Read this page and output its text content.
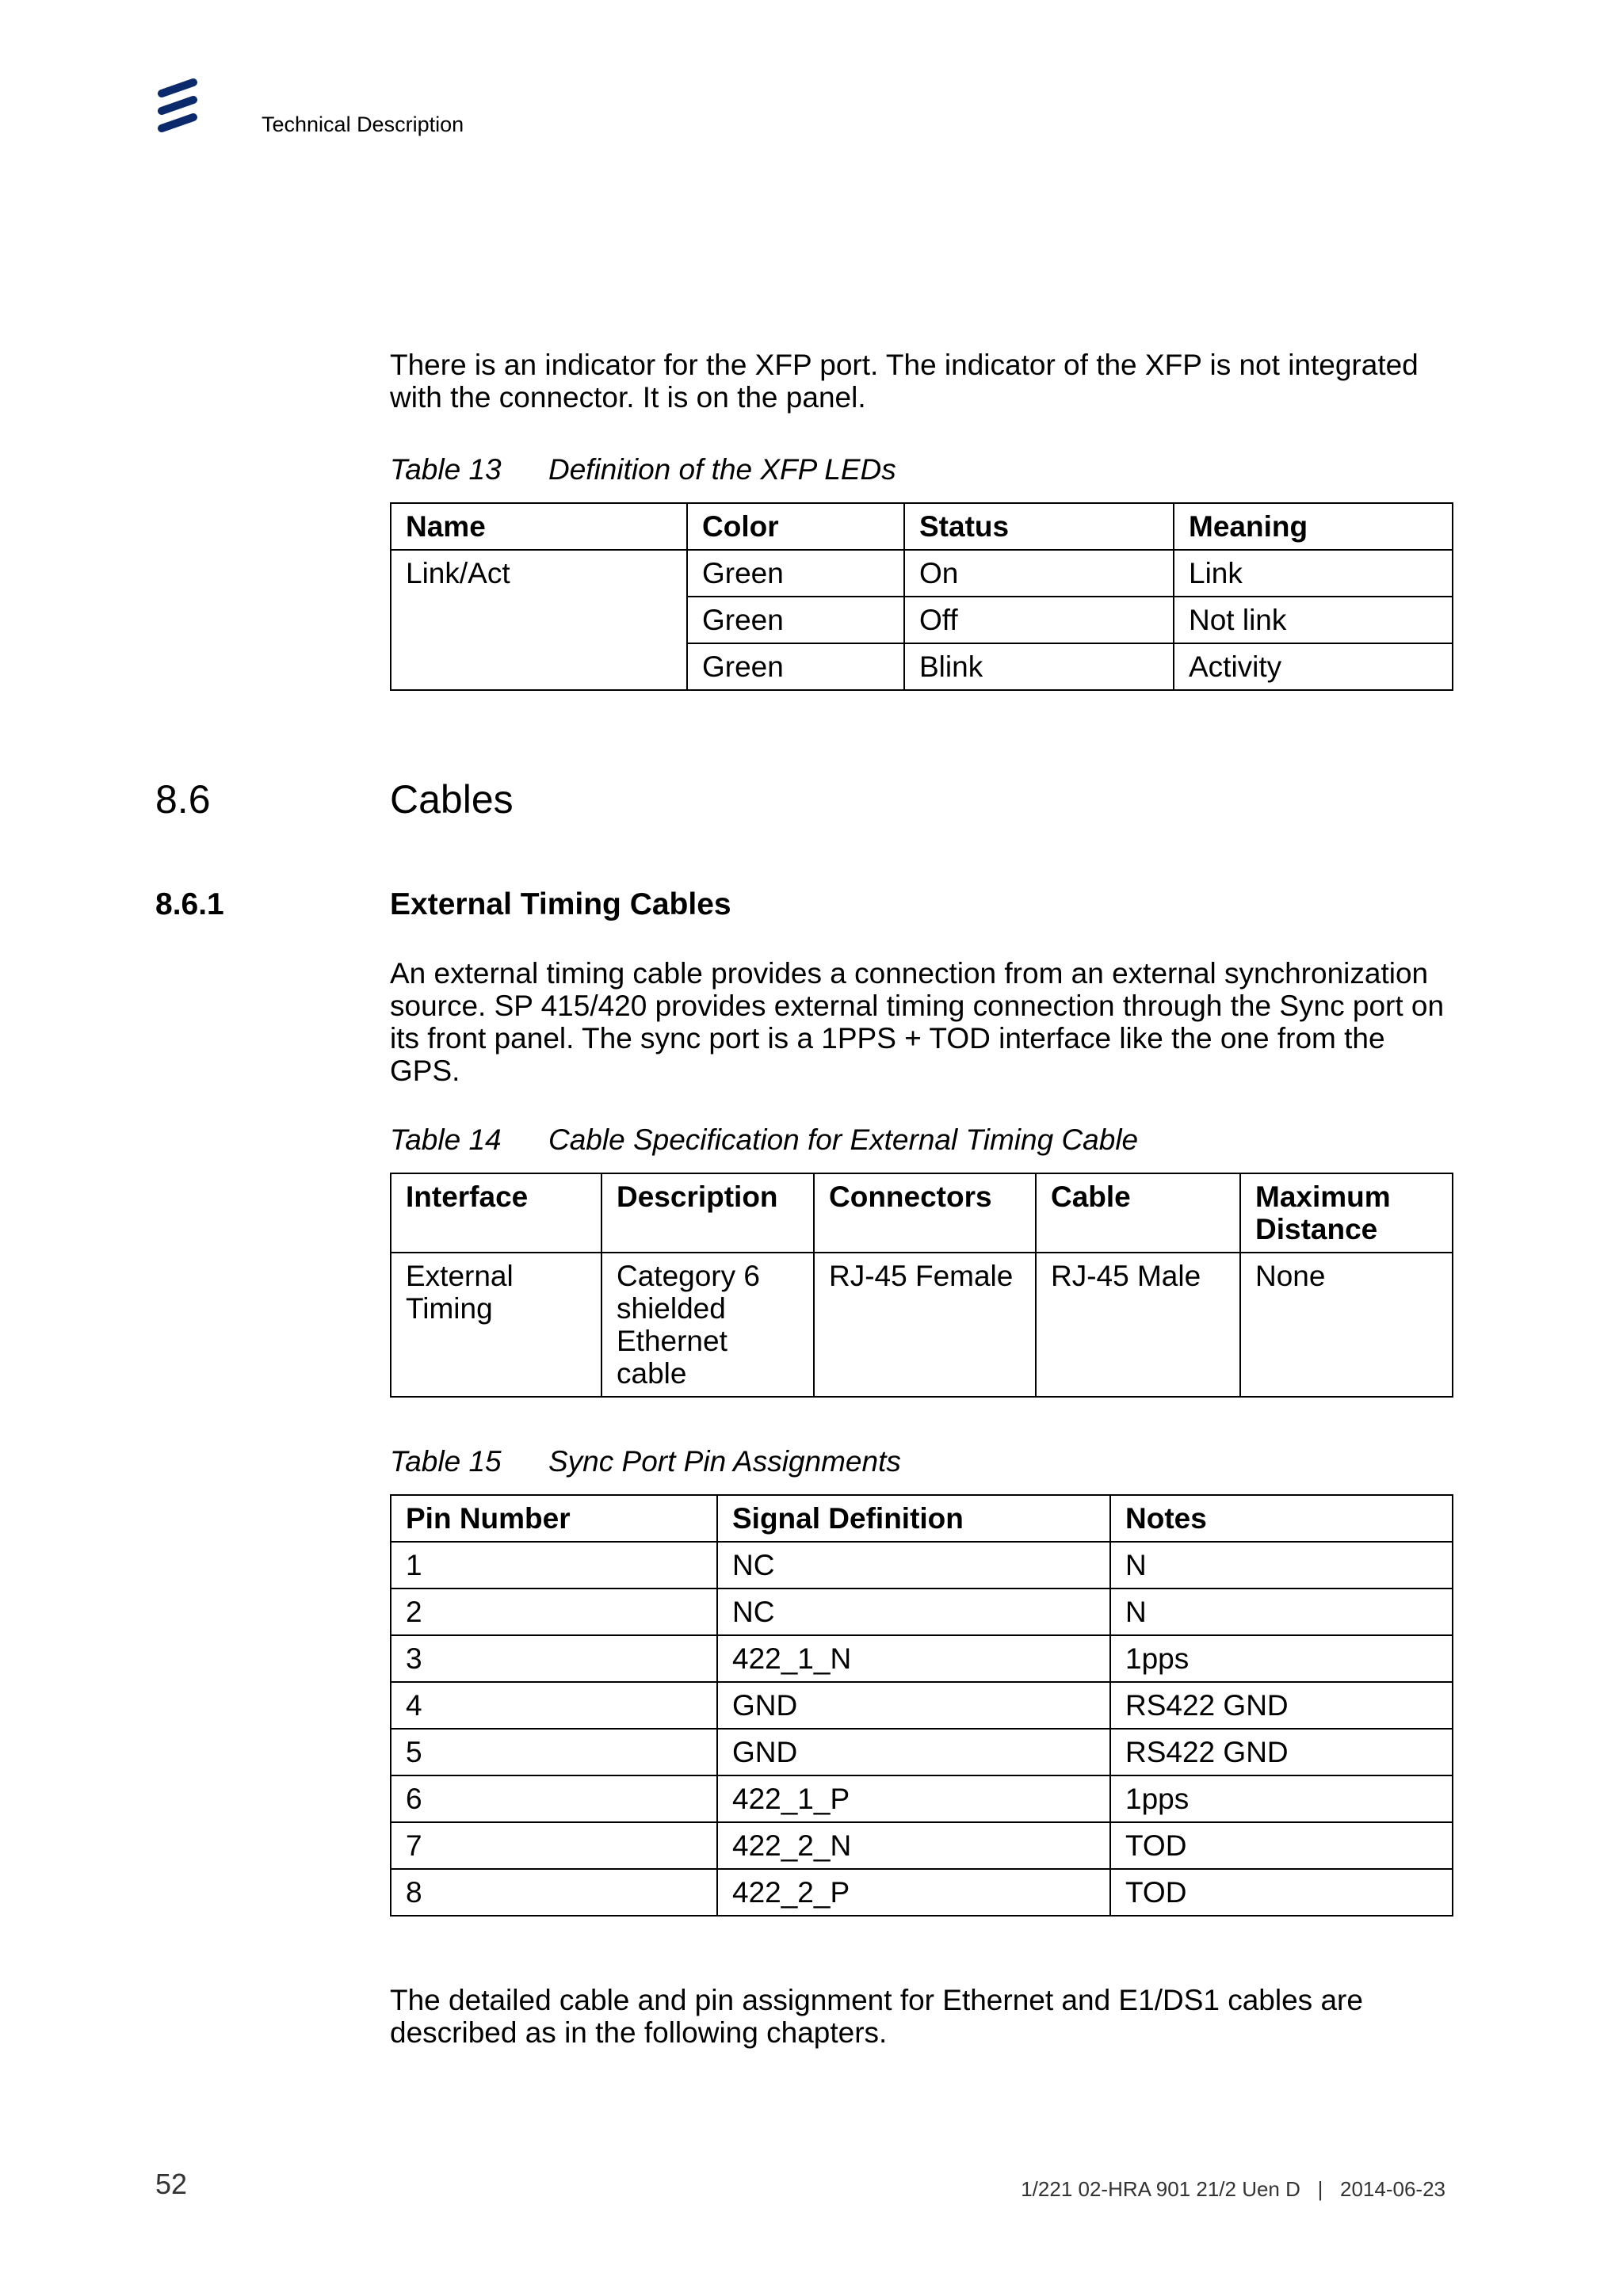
Technical Description

There is an indicator for the XFP port. The indicator of the XFP is not integrated with the connector. It is on the panel.

Table 13 Definition of the XFP LEDs
Name	Color	Status	Meaning
Link/Act	Green	On	Link
	Green	Off	Not link
	Green	Blink	Activity
8.6	Cables
8.6.1	External Timing Cables

An external timing cable provides a connection from an external synchronization source. SP 415/420 provides external timing connection through the Sync port on its front panel. The sync port is a 1PPS + TOD interface like the one from the GPS.

Table 14 Cable Specification for External Timing Cable
Interface	Description	Connectors	Cable	Maximum Distance
External Timing	Category 6 shielded Ethernet cable	RJ-45 Female	RJ-45 Male	None
Table 15 Sync Port Pin Assignments
Pin Number	Signal Definition	Notes
1	NC	N
2	NC	N
3	422_1_N	1pps
4	GND	RS422 GND
5	GND	RS422 GND
6	422_1_P	1pps
7	422_2_N	TOD
8	422_2_P	TOD

The detailed cable and pin assignment for Ethernet and E1/DS1 cables are described as in the following chapters.

52	1/221 02-HRA 901 21/2 Uen D   |   2014-06-23
